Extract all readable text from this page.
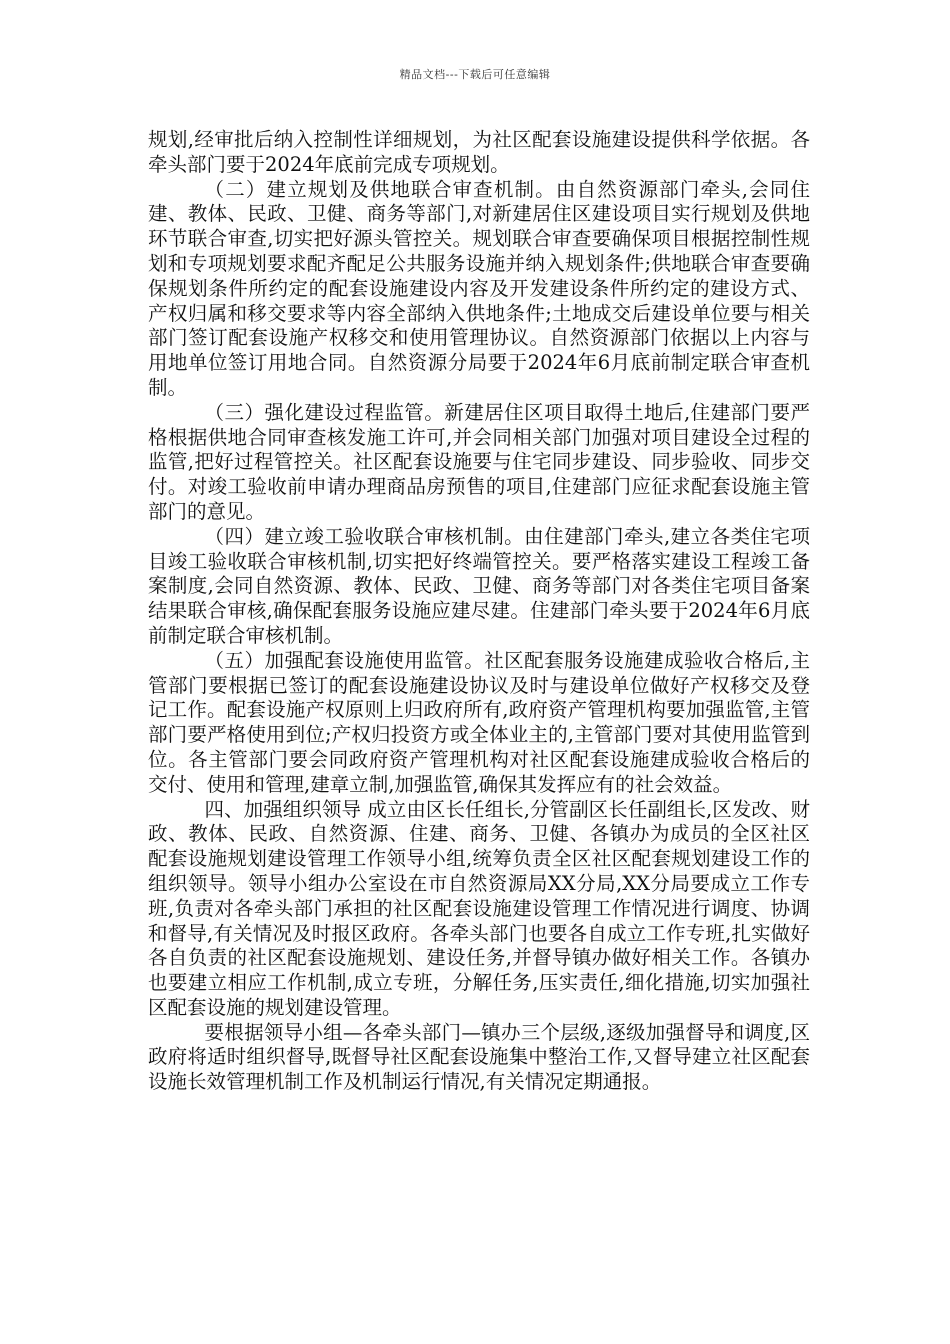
精品文档---下载后可任意编辑

规划,经审批后纳入控制性详细规划，为社区配套设施建设提供科学依据。各牵头部门要于2024年底前完成专项规划。

（二）建立规划及供地联合审查机制。由自然资源部门牵头,会同住建、教体、民政、卫健、商务等部门,对新建居住区建设项目实行规划及供地环节联合审查,切实把好源头管控关。规划联合审查要确保项目根据控制性规划和专项规划要求配齐配足公共服务设施并纳入规划条件;供地联合审查要确保规划条件所约定的配套设施建设内容及开发建设条件所约定的建设方式、产权归属和移交要求等内容全部纳入供地条件;土地成交后建设单位要与相关部门签订配套设施产权移交和使用管理协议。自然资源部门依据以上内容与用地单位签订用地合同。自然资源分局要于2024年6月底前制定联合审查机制。

（三）强化建设过程监管。新建居住区项目取得土地后,住建部门要严格根据供地合同审查核发施工许可,并会同相关部门加强对项目建设全过程的监管,把好过程管控关。社区配套设施要与住宅同步建设、同步验收、同步交付。对竣工验收前申请办理商品房预售的项目,住建部门应征求配套设施主管部门的意见。

（四）建立竣工验收联合审核机制。由住建部门牵头,建立各类住宅项目竣工验收联合审核机制,切实把好终端管控关。要严格落实建设工程竣工备案制度,会同自然资源、教体、民政、卫健、商务等部门对各类住宅项目备案结果联合审核,确保配套服务设施应建尽建。住建部门牵头要于2024年6月底前制定联合审核机制。

（五）加强配套设施使用监管。社区配套服务设施建成验收合格后,主管部门要根据已签订的配套设施建设协议及时与建设单位做好产权移交及登记工作。配套设施产权原则上归政府所有,政府资产管理机构要加强监管,主管部门要严格使用到位;产权归投资方或全体业主的,主管部门要对其使用监管到位。各主管部门要会同政府资产管理机构对社区配套设施建成验收合格后的交付、使用和管理,建章立制,加强监管,确保其发挥应有的社会效益。

四、加强组织领导 成立由区长任组长,分管副区长任副组长,区发改、财政、教体、民政、自然资源、住建、商务、卫健、各镇办为成员的全区社区配套设施规划建设管理工作领导小组,统筹负责全区社区配套规划建设工作的组织领导。领导小组办公室设在市自然资源局XX分局,XX分局要成立工作专班,负责对各牵头部门承担的社区配套设施建设管理工作情况进行调度、协调和督导,有关情况及时报区政府。各牵头部门也要各自成立工作专班,扎实做好各自负责的社区配套设施规划、建设任务,并督导镇办做好相关工作。各镇办也要建立相应工作机制,成立专班，分解任务,压实责任,细化措施,切实加强社区配套设施的规划建设管理。

要根据领导小组—各牵头部门—镇办三个层级,逐级加强督导和调度,区政府将适时组织督导,既督导社区配套设施集中整治工作,又督导建立社区配套设施长效管理机制工作及机制运行情况,有关情况定期通报。
